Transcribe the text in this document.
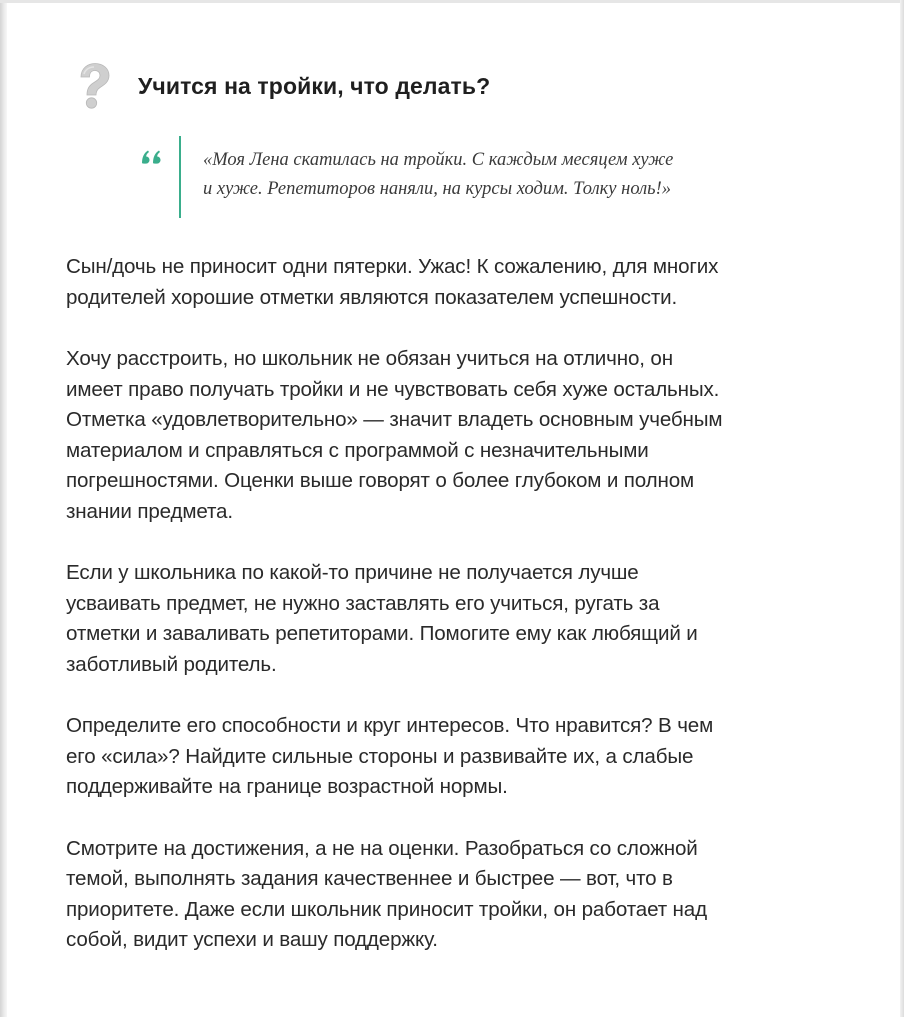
Учится на тройки, что делать?
«Моя Лена скатилась на тройки. С каждым месяцем хуже
и хуже. Репетиторов наняли, на курсы ходим. Толку ноль!»

Сын/дочь не приносит одни пятерки. Ужас! К сожалению, для многих
родителей хорошие отметки являются показателем успешности.

Хочу расстроить, но школьник не обязан учиться на отлично, он
имеет право получать тройки и не чувствовать себя хуже остальных.
Отметка «удовлетворительно» — значит владеть основным учебным
материалом и справляться с программой с незначительными
погрешностями. Оценки выше говорят о более глубоком и полном
знании предмета.

Если у школьника по какой-то причине не получается лучше
усваивать предмет, не нужно заставлять его учиться, ругать за
отметки и заваливать репетиторами. Помогите ему как любящий и
заботливый родитель.

Определите его способности и круг интересов. Что нравится? В чем
его «сила»? Найдите сильные стороны и развивайте их, а слабые
поддерживайте на границе возрастной нормы.

Смотрите на достижения, а не на оценки. Разобраться со сложной
темой, выполнять задания качественнее и быстрее — вот, что в
приоритете. Даже если школьник приносит тройки, он работает над
собой, видит успехи и вашу поддержку.
